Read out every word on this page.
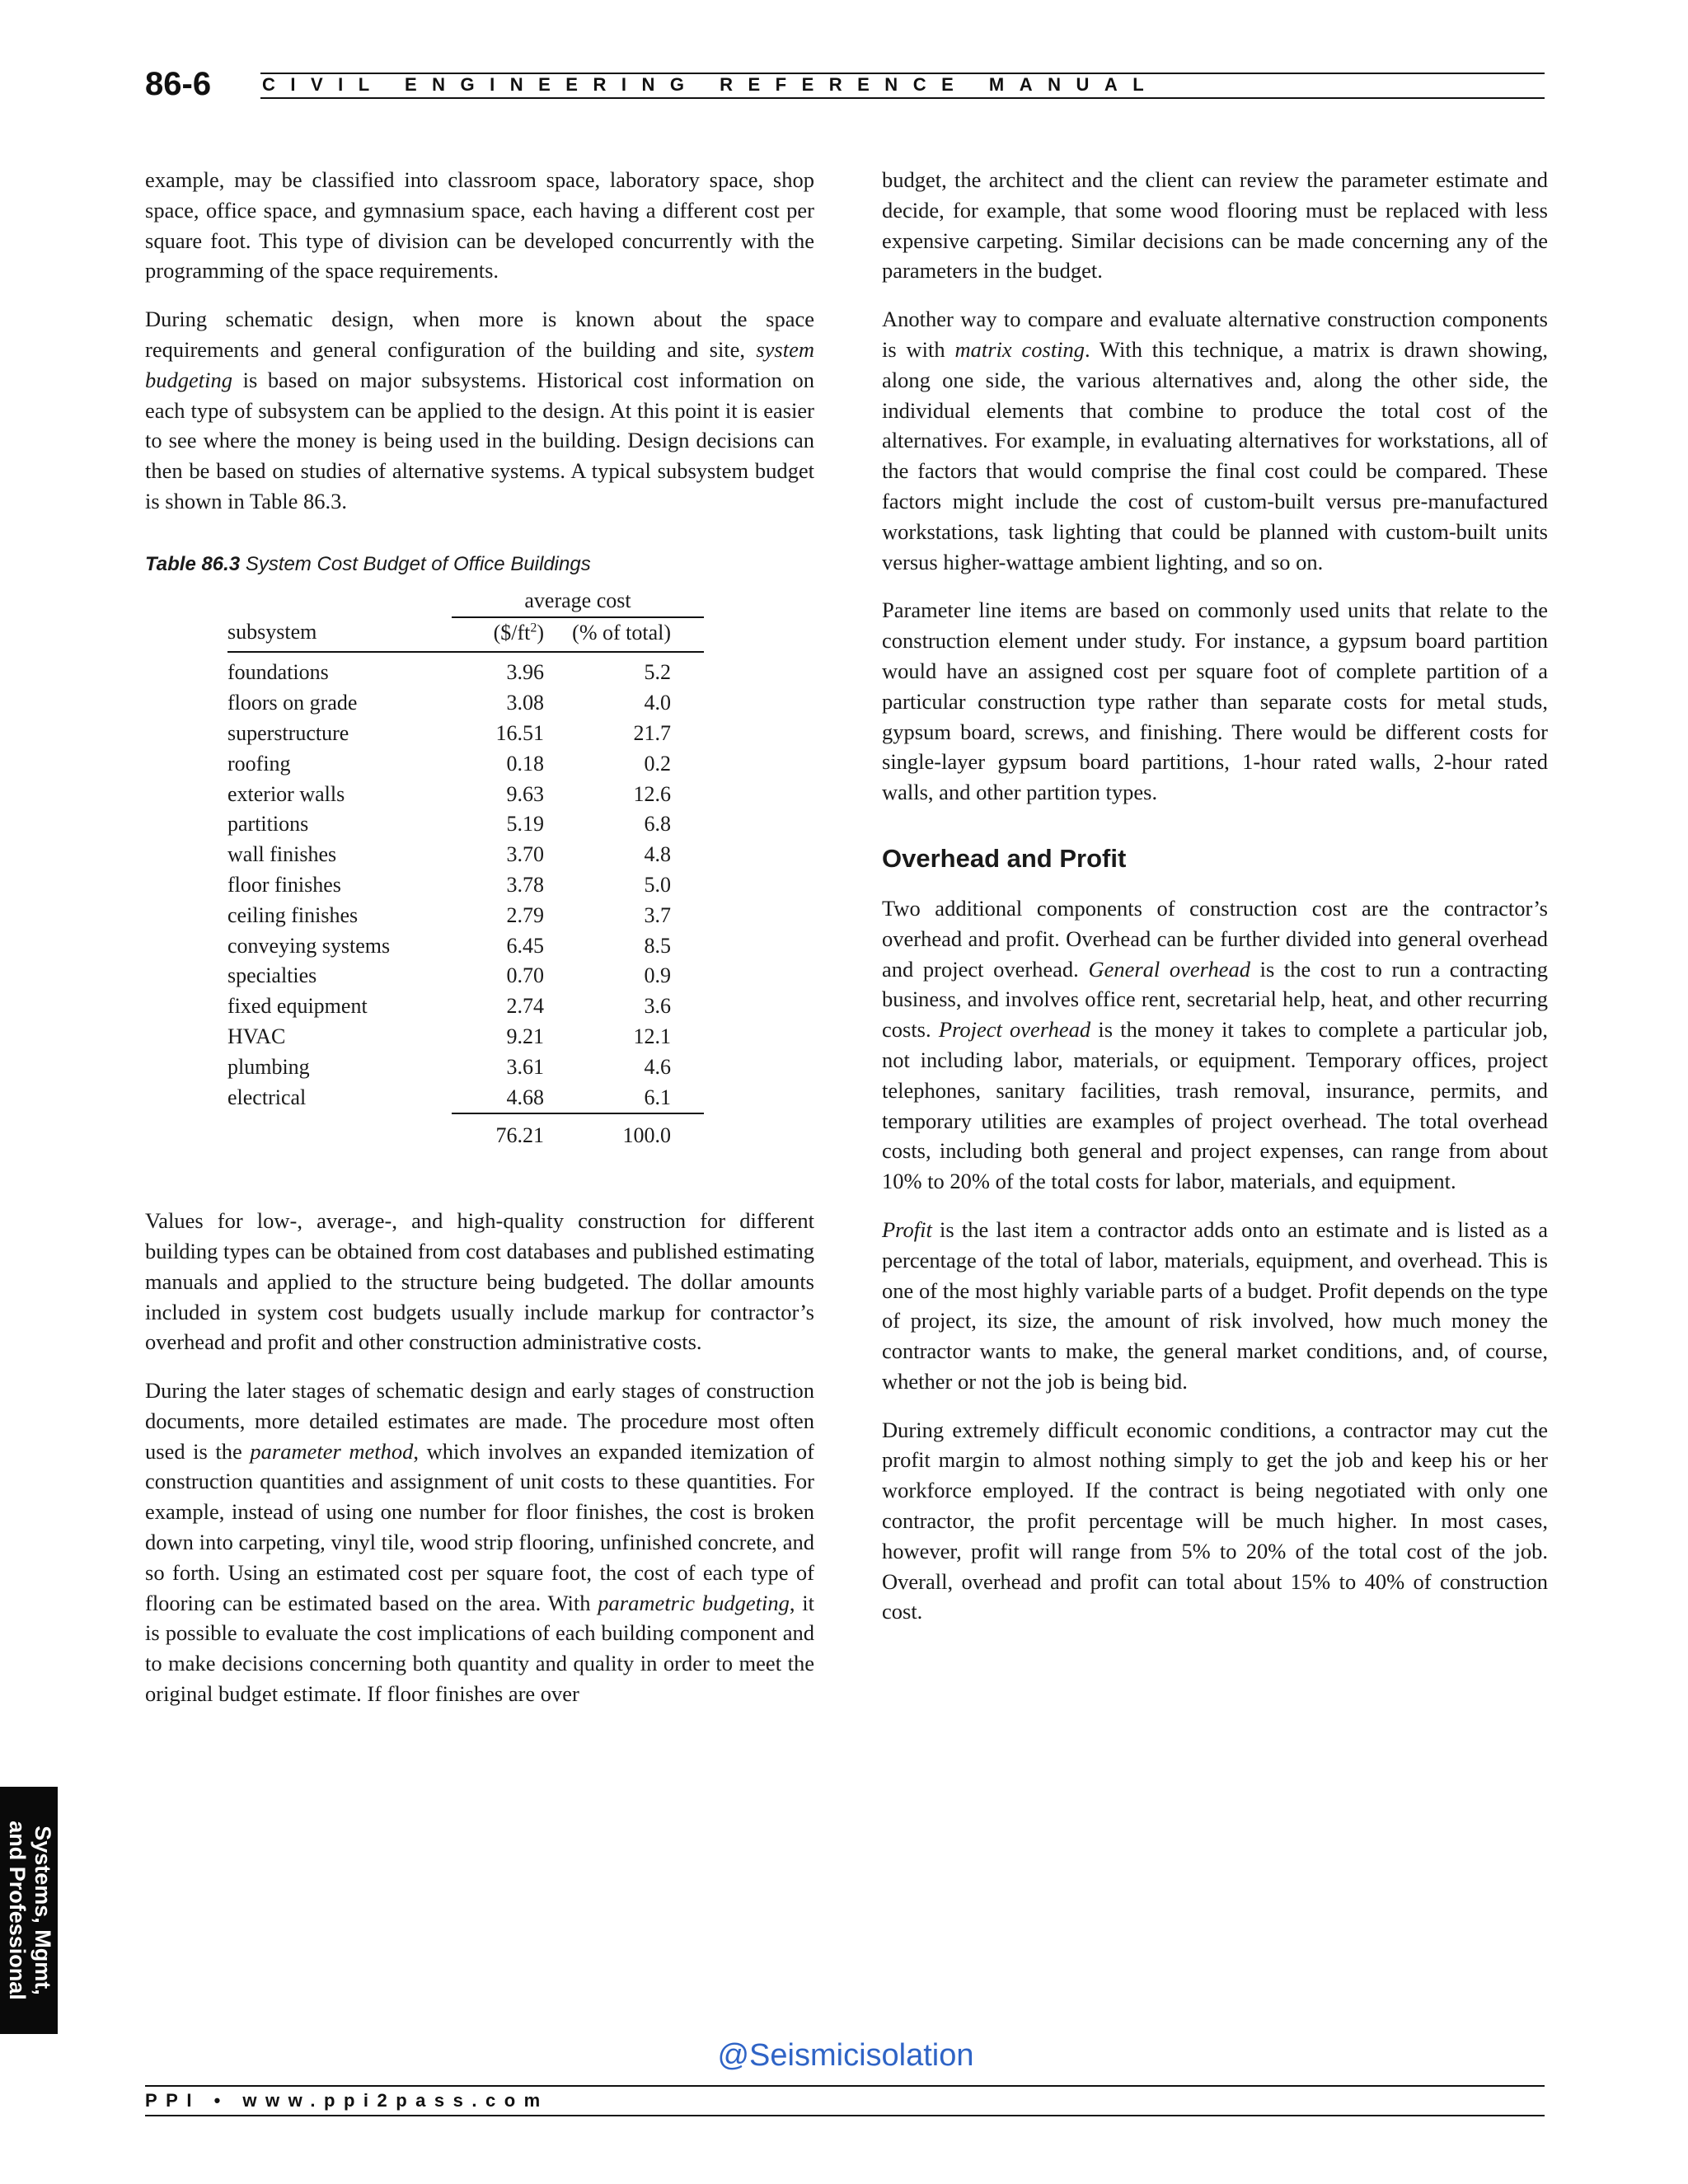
86-6	CIVIL ENGINEERING REFERENCE MANUAL

example, may be classified into classroom space, laboratory space, shop space, office space, and gymnasium space, each having a different cost per square foot. This type of division can be developed concurrently with the programming of the space requirements.

During schematic design, when more is known about the space requirements and general configuration of the building and site, system budgeting is based on major subsystems. Historical cost information on each type of subsystem can be applied to the design. At this point it is easier to see where the money is being used in the building. Design decisions can then be based on studies of alternative systems. A typical subsystem budget is shown in Table 86.3.

Table 86.3 System Cost Budget of Office Buildings
	average cost	
subsystem	$(\$/ft^2)$	(% of total)
foundations	3.96	5.2
floors on grade	3.08	4.0
superstructure	16.51	21.7
roofing	0.18	0.2
exterior walls	9.63	12.6
partitions	5.19	6.8
wall finishes	3.70	4.8
floor finishes	3.78	5.0
ceiling finishes	2.79	3.7
conveying systems	6.45	8.5
specialties	0.70	0.9
fixed equipment	2.74	3.6
HVAC	9.21	12.1
plumbing	3.61	4.6
electrical	4.68	6.1
	76.21	100.0

Values for low-, average-, and high-quality construction for different building types can be obtained from cost databases and published estimating manuals and applied to the structure being budgeted. The dollar amounts included in system cost budgets usually include markup for contractor’s overhead and profit and other construction administrative costs.

During the later stages of schematic design and early stages of construction documents, more detailed estimates are made. The procedure most often used is the parameter method, which involves an expanded itemization of construction quantities and assignment of unit costs to these quantities. For example, instead of using one number for floor finishes, the cost is broken down into carpeting, vinyl tile, wood strip flooring, unfinished concrete, and so forth. Using an estimated cost per square foot, the cost of each type of flooring can be estimated based on the area. With parametric budgeting, it is possible to evaluate the cost implications of each building component and to make decisions concerning both quantity and quality in order to meet the original budget estimate. If floor finishes are over

budget, the architect and the client can review the parameter estimate and decide, for example, that some wood flooring must be replaced with less expensive carpeting. Similar decisions can be made concerning any of the parameters in the budget.

Another way to compare and evaluate alternative construction components is with matrix costing. With this technique, a matrix is drawn showing, along one side, the various alternatives and, along the other side, the individual elements that combine to produce the total cost of the alternatives. For example, in evaluating alternatives for workstations, all of the factors that would comprise the final cost could be compared. These factors might include the cost of custom-built versus pre-manufactured workstations, task lighting that could be planned with custom-built units versus higher-wattage ambient lighting, and so on.

Parameter line items are based on commonly used units that relate to the construction element under study. For instance, a gypsum board partition would have an assigned cost per square foot of complete partition of a particular construction type rather than separate costs for metal studs, gypsum board, screws, and finishing. There would be different costs for single-layer gypsum board partitions, 1-hour rated walls, 2-hour rated walls, and other partition types.

Overhead and Profit

Two additional components of construction cost are the contractor’s overhead and profit. Overhead can be further divided into general overhead and project overhead. General overhead is the cost to run a contracting business, and involves office rent, secretarial help, heat, and other recurring costs. Project overhead is the money it takes to complete a particular job, not including labor, materials, or equipment. Temporary offices, project telephones, sanitary facilities, trash removal, insurance, permits, and temporary utilities are examples of project overhead. The total overhead costs, including both general and project expenses, can range from about 10% to 20% of the total costs for labor, materials, and equipment.

Profit is the last item a contractor adds onto an estimate and is listed as a percentage of the total of labor, materials, equipment, and overhead. This is one of the most highly variable parts of a budget. Profit depends on the type of project, its size, the amount of risk involved, how much money the contractor wants to make, the general market conditions, and, of course, whether or not the job is being bid.

During extremely difficult economic conditions, a contractor may cut the profit margin to almost nothing simply to get the job and keep his or her workforce employed. If the contract is being negotiated with only one contractor, the profit percentage will be much higher. In most cases, however, profit will range from 5% to 20% of the total cost of the job. Overall, overhead and profit can total about 15% to 40% of construction cost.

Systems, Mgmt,
and Professional
@Seismicisolation
PPI • www.ppi2pass.com
